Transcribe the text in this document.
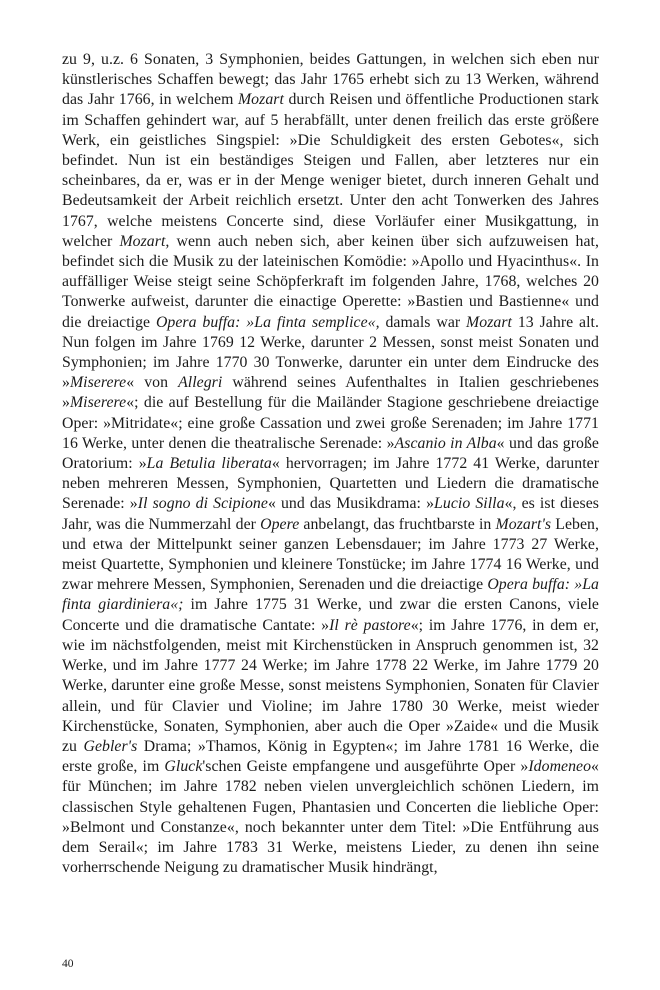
zu 9, u.z. 6 Sonaten, 3 Symphonien, beides Gattungen, in welchen sich eben nur künstlerisches Schaffen bewegt; das Jahr 1765 erhebt sich zu 13 Werken, während das Jahr 1766, in welchem Mozart durch Reisen und öffentliche Productionen stark im Schaffen gehindert war, auf 5 herabfällt, unter denen freilich das erste größere Werk, ein geistliches Singspiel: »Die Schuldigkeit des ersten Gebotes«, sich befindet. Nun ist ein beständiges Steigen und Fallen, aber letzteres nur ein scheinbares, da er, was er in der Menge weniger bietet, durch inneren Gehalt und Bedeutsamkeit der Arbeit reichlich ersetzt. Unter den acht Tonwerken des Jahres 1767, welche meistens Concerte sind, diese Vorläufer einer Musikgattung, in welcher Mozart, wenn auch neben sich, aber keinen über sich aufzuweisen hat, befindet sich die Musik zu der lateinischen Komödie: »Apollo und Hyacinthus«. In auffälliger Weise steigt seine Schöpferkraft im folgenden Jahre, 1768, welches 20 Tonwerke aufweist, darunter die einactige Operette: »Bastien und Bastienne« und die dreiactige Opera buffa: »La finta semplice«, damals war Mozart 13 Jahre alt. Nun folgen im Jahre 1769 12 Werke, darunter 2 Messen, sonst meist Sonaten und Symphonien; im Jahre 1770 30 Tonwerke, darunter ein unter dem Eindrucke des »Miserere« von Allegri während seines Aufenthaltes in Italien geschriebenes »Miserere«; die auf Bestellung für die Mailänder Stagione geschriebene dreiactige Oper: »Mitridate«; eine große Cassation und zwei große Serenaden; im Jahre 1771 16 Werke, unter denen die theatralische Serenade: »Ascanio in Alba« und das große Oratorium: »La Betulia liberata« hervorragen; im Jahre 1772 41 Werke, darunter neben mehreren Messen, Symphonien, Quartetten und Liedern die dramatische Serenade: »Il sogno di Scipione« und das Musikdrama: »Lucio Silla«, es ist dieses Jahr, was die Nummerzahl der Opere anbelangt, das fruchtbarste in Mozart's Leben, und etwa der Mittelpunkt seiner ganzen Lebensdauer; im Jahre 1773 27 Werke, meist Quartette, Symphonien und kleinere Tonstücke; im Jahre 1774 16 Werke, und zwar mehrere Messen, Symphonien, Serenaden und die dreiactige Opera buffa: »La finta giardiniera«; im Jahre 1775 31 Werke, und zwar die ersten Canons, viele Concerte und die dramatische Cantate: »Il rè pastore«; im Jahre 1776, in dem er, wie im nächstfolgenden, meist mit Kirchenstücken in Anspruch genommen ist, 32 Werke, und im Jahre 1777 24 Werke; im Jahre 1778 22 Werke, im Jahre 1779 20 Werke, darunter eine große Messe, sonst meistens Symphonien, Sonaten für Clavier allein, und für Clavier und Violine; im Jahre 1780 30 Werke, meist wieder Kirchenstücke, Sonaten, Symphonien, aber auch die Oper »Zaide« und die Musik zu Gebler's Drama; »Thamos, König in Egypten«; im Jahre 1781 16 Werke, die erste große, im Gluck'schen Geiste empfangene und ausgeführte Oper »Idomeneo« für München; im Jahre 1782 neben vielen unvergleichlich schönen Liedern, im classischen Style gehaltenen Fugen, Phantasien und Concerten die liebliche Oper: »Belmont und Constanze«, noch bekannter unter dem Titel: »Die Entführung aus dem Serail«; im Jahre 1783 31 Werke, meistens Lieder, zu denen ihn seine vorherrschende Neigung zu dramatischer Musik hindrängt,

40
